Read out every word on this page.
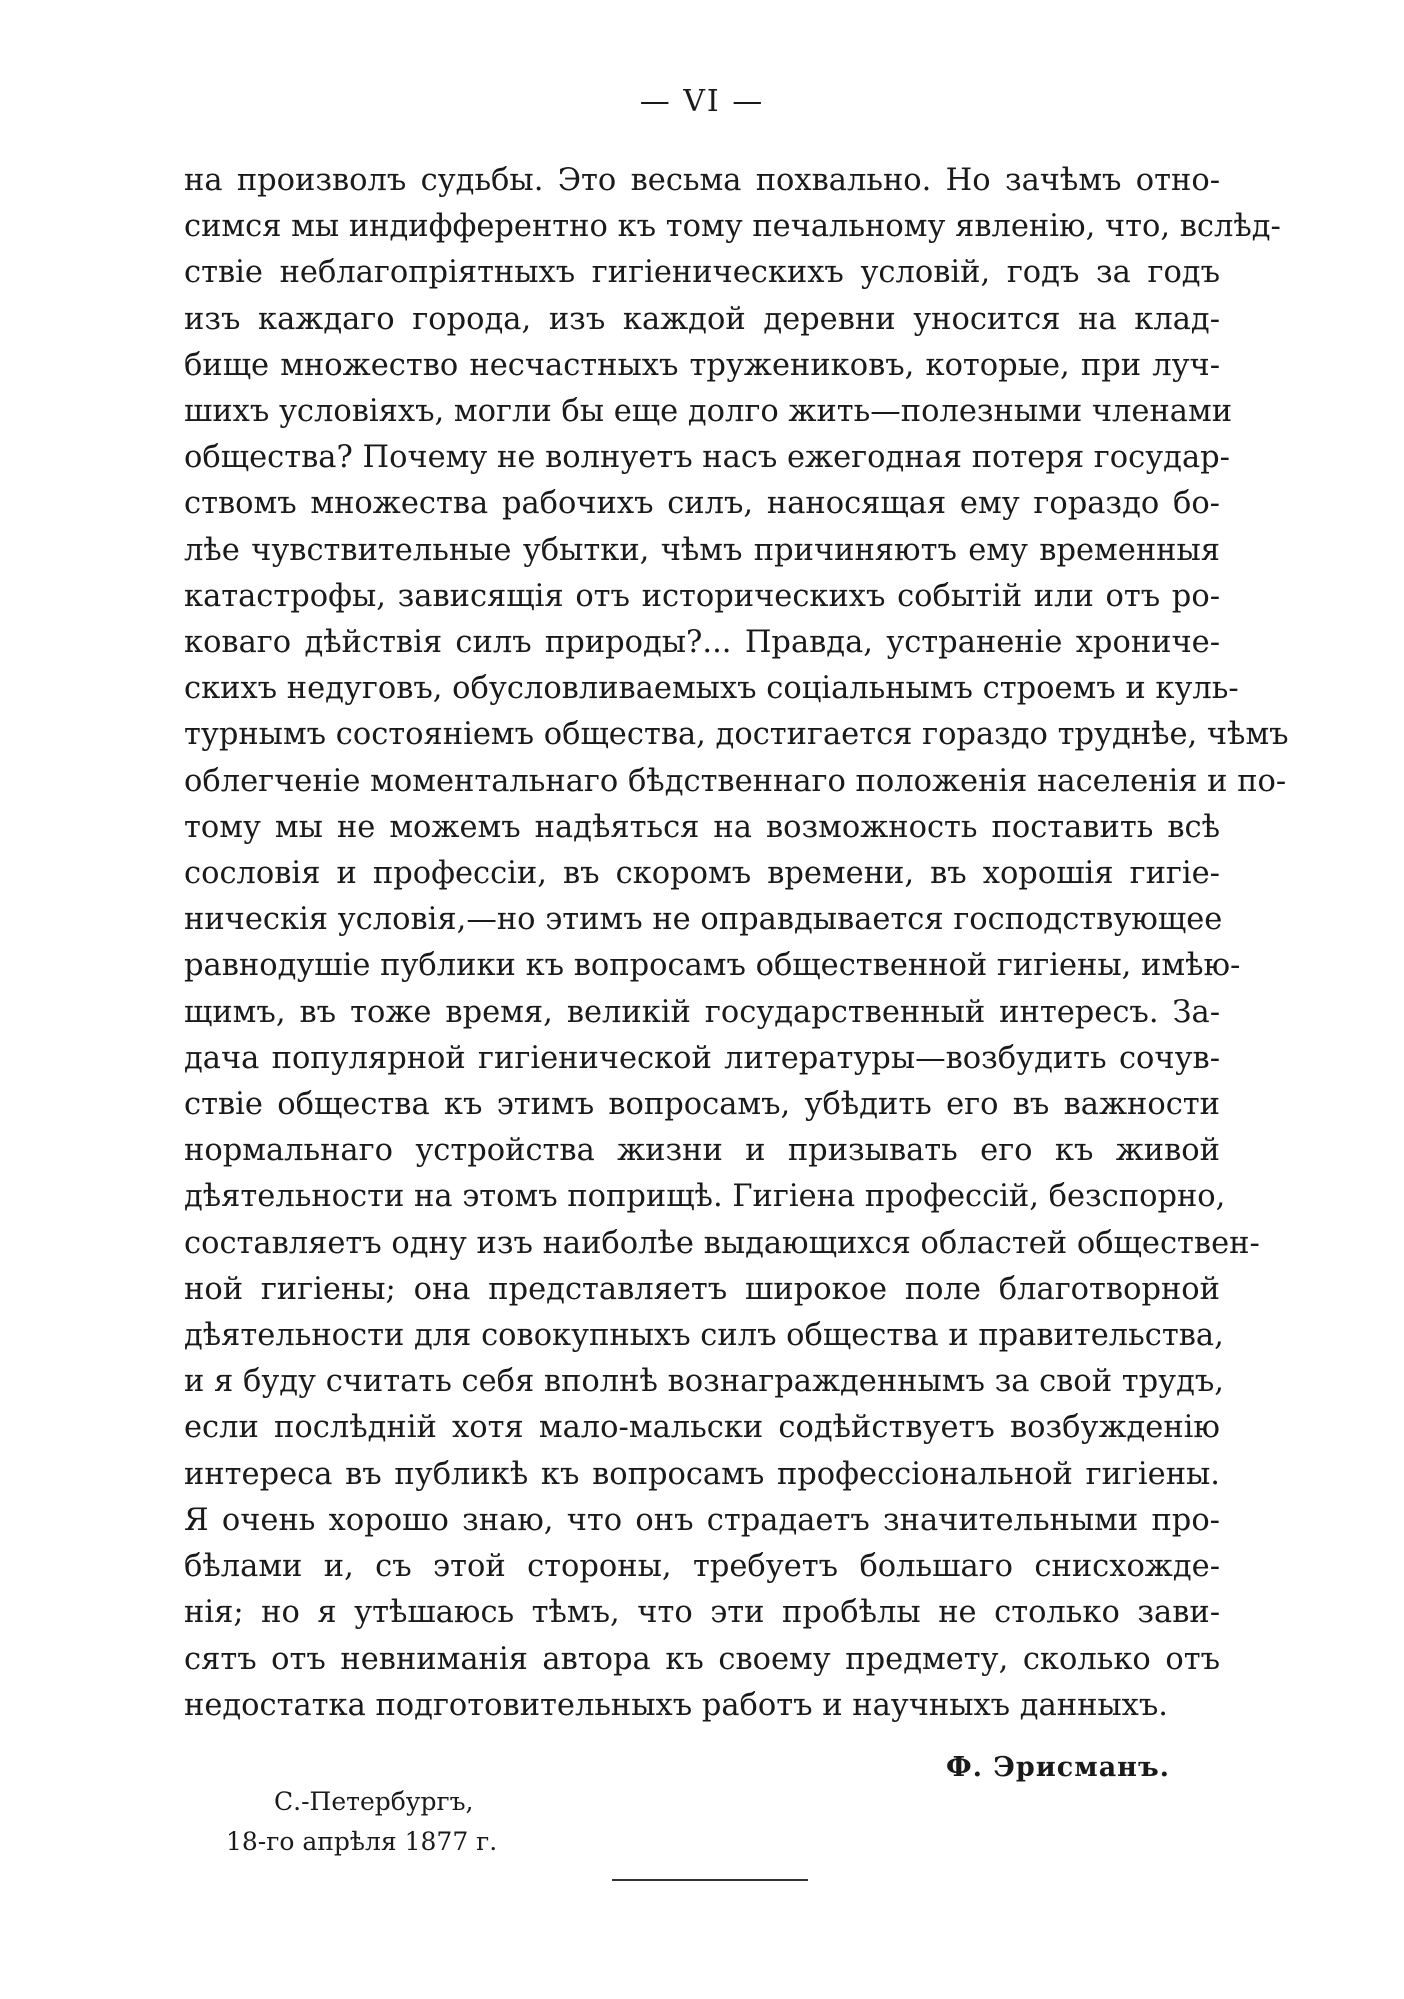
— VI —
на произволъ судьбы. Это весьма похвально. Но зачѣмъ отно-
симся мы индифферентно къ тому печальному явленію, что, вслѣд-
ствіе неблагопріятныхъ гигіеническихъ условій, годъ за годъ
изъ каждаго города, изъ каждой деревни уносится на клад-
бище множество несчастныхъ тружениковъ, которые, при луч-
шихъ условіяхъ, могли бы еще долго жить—полезными членами
общества? Почему не волнуетъ насъ ежегодная потеря государ-
ствомъ множества рабочихъ силъ, наносящая ему гораздо бо-
лѣе чувствительные убытки, чѣмъ причиняютъ ему временныя
катастрофы, зависящія отъ историческихъ событій или отъ ро-
коваго дѣйствія силъ природы?... Правда, устраненіе хрониче-
скихъ недуговъ, обусловливаемыхъ соціальнымъ строемъ и куль-
турнымъ состояніемъ общества, достигается гораздо труднѣе, чѣмъ
облегченіе моментальнаго бѣдственнаго положенія населенія и по-
тому мы не можемъ надѣяться на возможность поставить всѣ
сословія и профессіи, въ скоромъ времени, въ хорошія гигіе-
ническія условія,—но этимъ не оправдывается господствующее
равнодушіе публики къ вопросамъ общественной гигіены, имѣю-
щимъ, въ тоже время, великій государственный интересъ. За-
дача популярной гигіенической литературы—возбудить сочув-
ствіе общества къ этимъ вопросамъ, убѣдить его въ важности
нормальнаго устройства жизни и призывать его къ живой
дѣятельности на этомъ поприщѣ. Гигіена профессій, безспорно,
составляетъ одну изъ наиболѣе выдающихся областей обществен-
ной гигіены; она представляетъ широкое поле благотворной
дѣятельности для совокупныхъ силъ общества и правительства,
и я буду считать себя вполнѣ вознагражденнымъ за свой трудъ,
если послѣдній хотя мало-мальски содѣйствуетъ возбужденію
интереса въ публикѣ къ вопросамъ профессіональной гигіены.
Я очень хорошо знаю, что онъ страдаетъ значительными про-
бѣлами и, съ этой стороны, требуетъ большаго снисхожде-
нія; но я утѣшаюсь тѣмъ, что эти пробѣлы не столько зави-
сятъ отъ невниманія автора къ своему предмету, сколько отъ
недостатка подготовительныхъ работъ и научныхъ данныхъ.
Ф. Эрисманъ.
С.-Петербургъ,
18-го апрѣля 1877 г.
